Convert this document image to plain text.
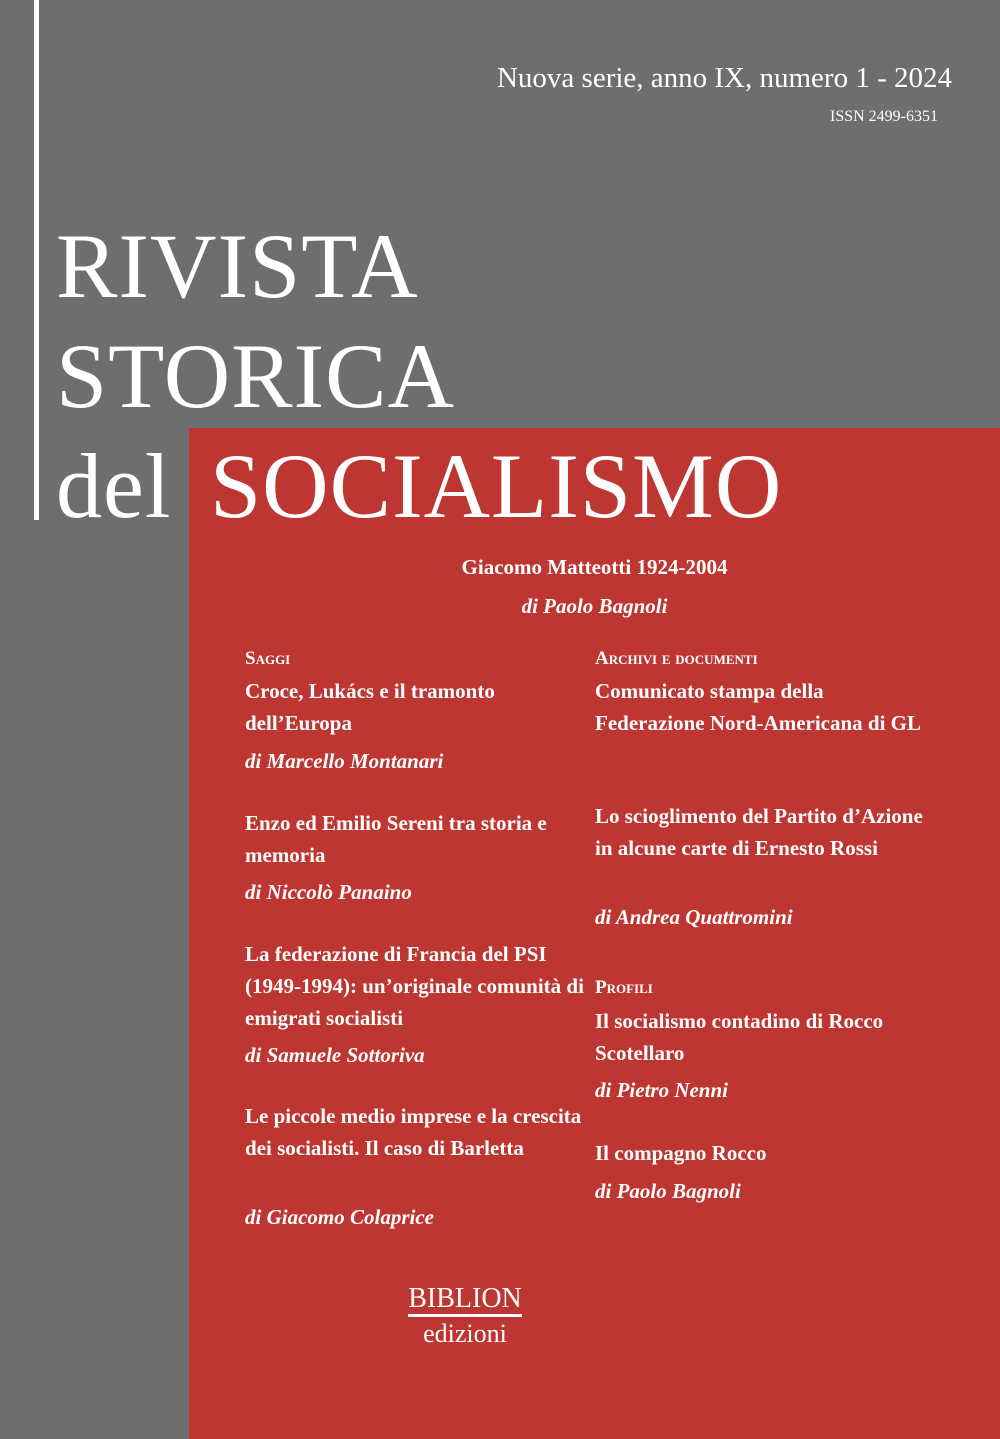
Nuova serie, anno IX, numero 1 - 2024
ISSN 2499-6351
RIVISTA
STORICA
del SOCIALISMO
Giacomo Matteotti 1924-2004
di Paolo Bagnoli
Saggi
Croce, Lukács e il tramonto dell’Europa
di Marcello Montanari
Enzo ed Emilio Sereni tra storia e memoria
di Niccolò Panaino
La federazione di Francia del PSI (1949-1994): un’originale comunità di emigrati socialisti
di Samuele Sottoriva
Le piccole medio imprese e la crescita dei socialisti. Il caso di Barletta
di Giacomo Colaprice
Archivi e documenti
Comunicato stampa della Federazione Nord-Americana di GL
Lo scioglimento del Partito d’Azione in alcune carte di Ernesto Rossi
di Andrea Quattromini
Profili
Il socialismo contadino di Rocco Scotellaro
di Pietro Nenni
Il compagno Rocco
di Paolo Bagnoli
BIBLION
edizioni
